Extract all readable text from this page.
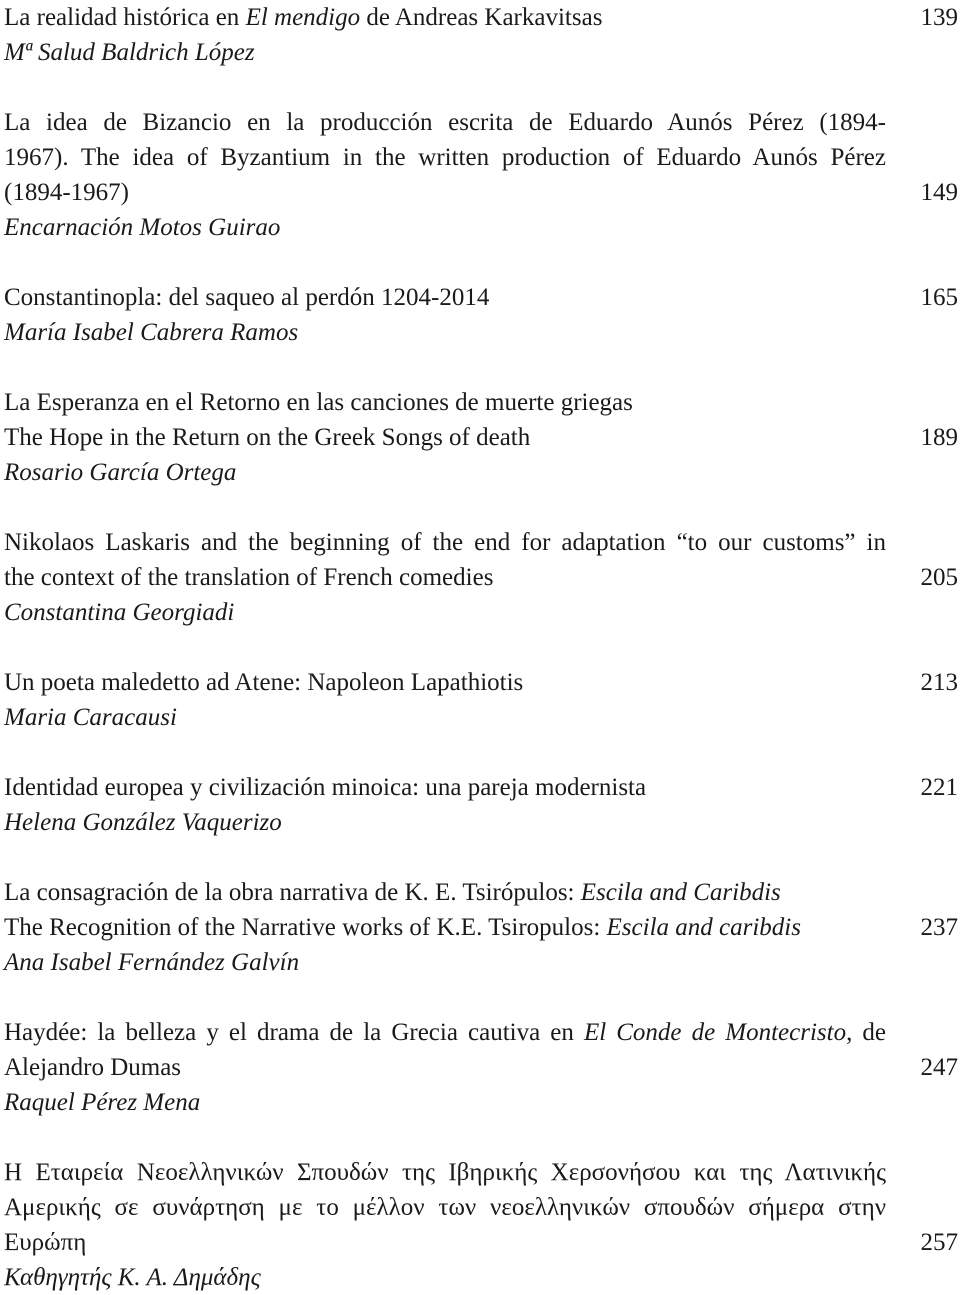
La realidad histórica en El mendigo de Andreas Karkavitsas
Mª Salud Baldrich López
139
La idea de Bizancio en la producción escrita de Eduardo Aunós Pérez (1894-
1967). The idea of Byzantium in the written production of Eduardo Aunós Pérez
(1894-1967)
Encarnación Motos Guirao
149
Constantinopla: del saqueo al perdón 1204-2014
María Isabel Cabrera Ramos
165
La Esperanza en el Retorno en las canciones de muerte griegas
The Hope in the Return on the Greek Songs of death
Rosario García Ortega
189
Nikolaos Laskaris and the beginning of the end for adaptation “to our customs” in
the context of the translation of French comedies
Constantina Georgiadi
205
Un poeta maledetto ad Atene: Napoleon Lapathiotis
Maria Caracausi
213
Identidad europea y civilización minoica: una pareja modernista
Helena González Vaquerizo
221
La consagración de la obra narrativa de K. E. Tsirópulos: Escila and Caribdis
The Recognition of the Narrative works of K.E. Tsiropulos: Escila and caribdis
Ana Isabel Fernández Galvín
237
Haydée: la belleza y el drama de la Grecia cautiva en El Conde de Montecristo, de
Alejandro Dumas
Raquel Pérez Mena
247
Η Εταιρεία Νεοελληνικών Σπουδών της Ιβηρικής Χερσονήσου και της Λατινικής
Αμερικής σε συνάρτηση με το μέλλον των νεοελληνικών σπουδών σήμερα στην
Ευρώπη
Καθηγητής Κ. Α. Δημάδης
257
